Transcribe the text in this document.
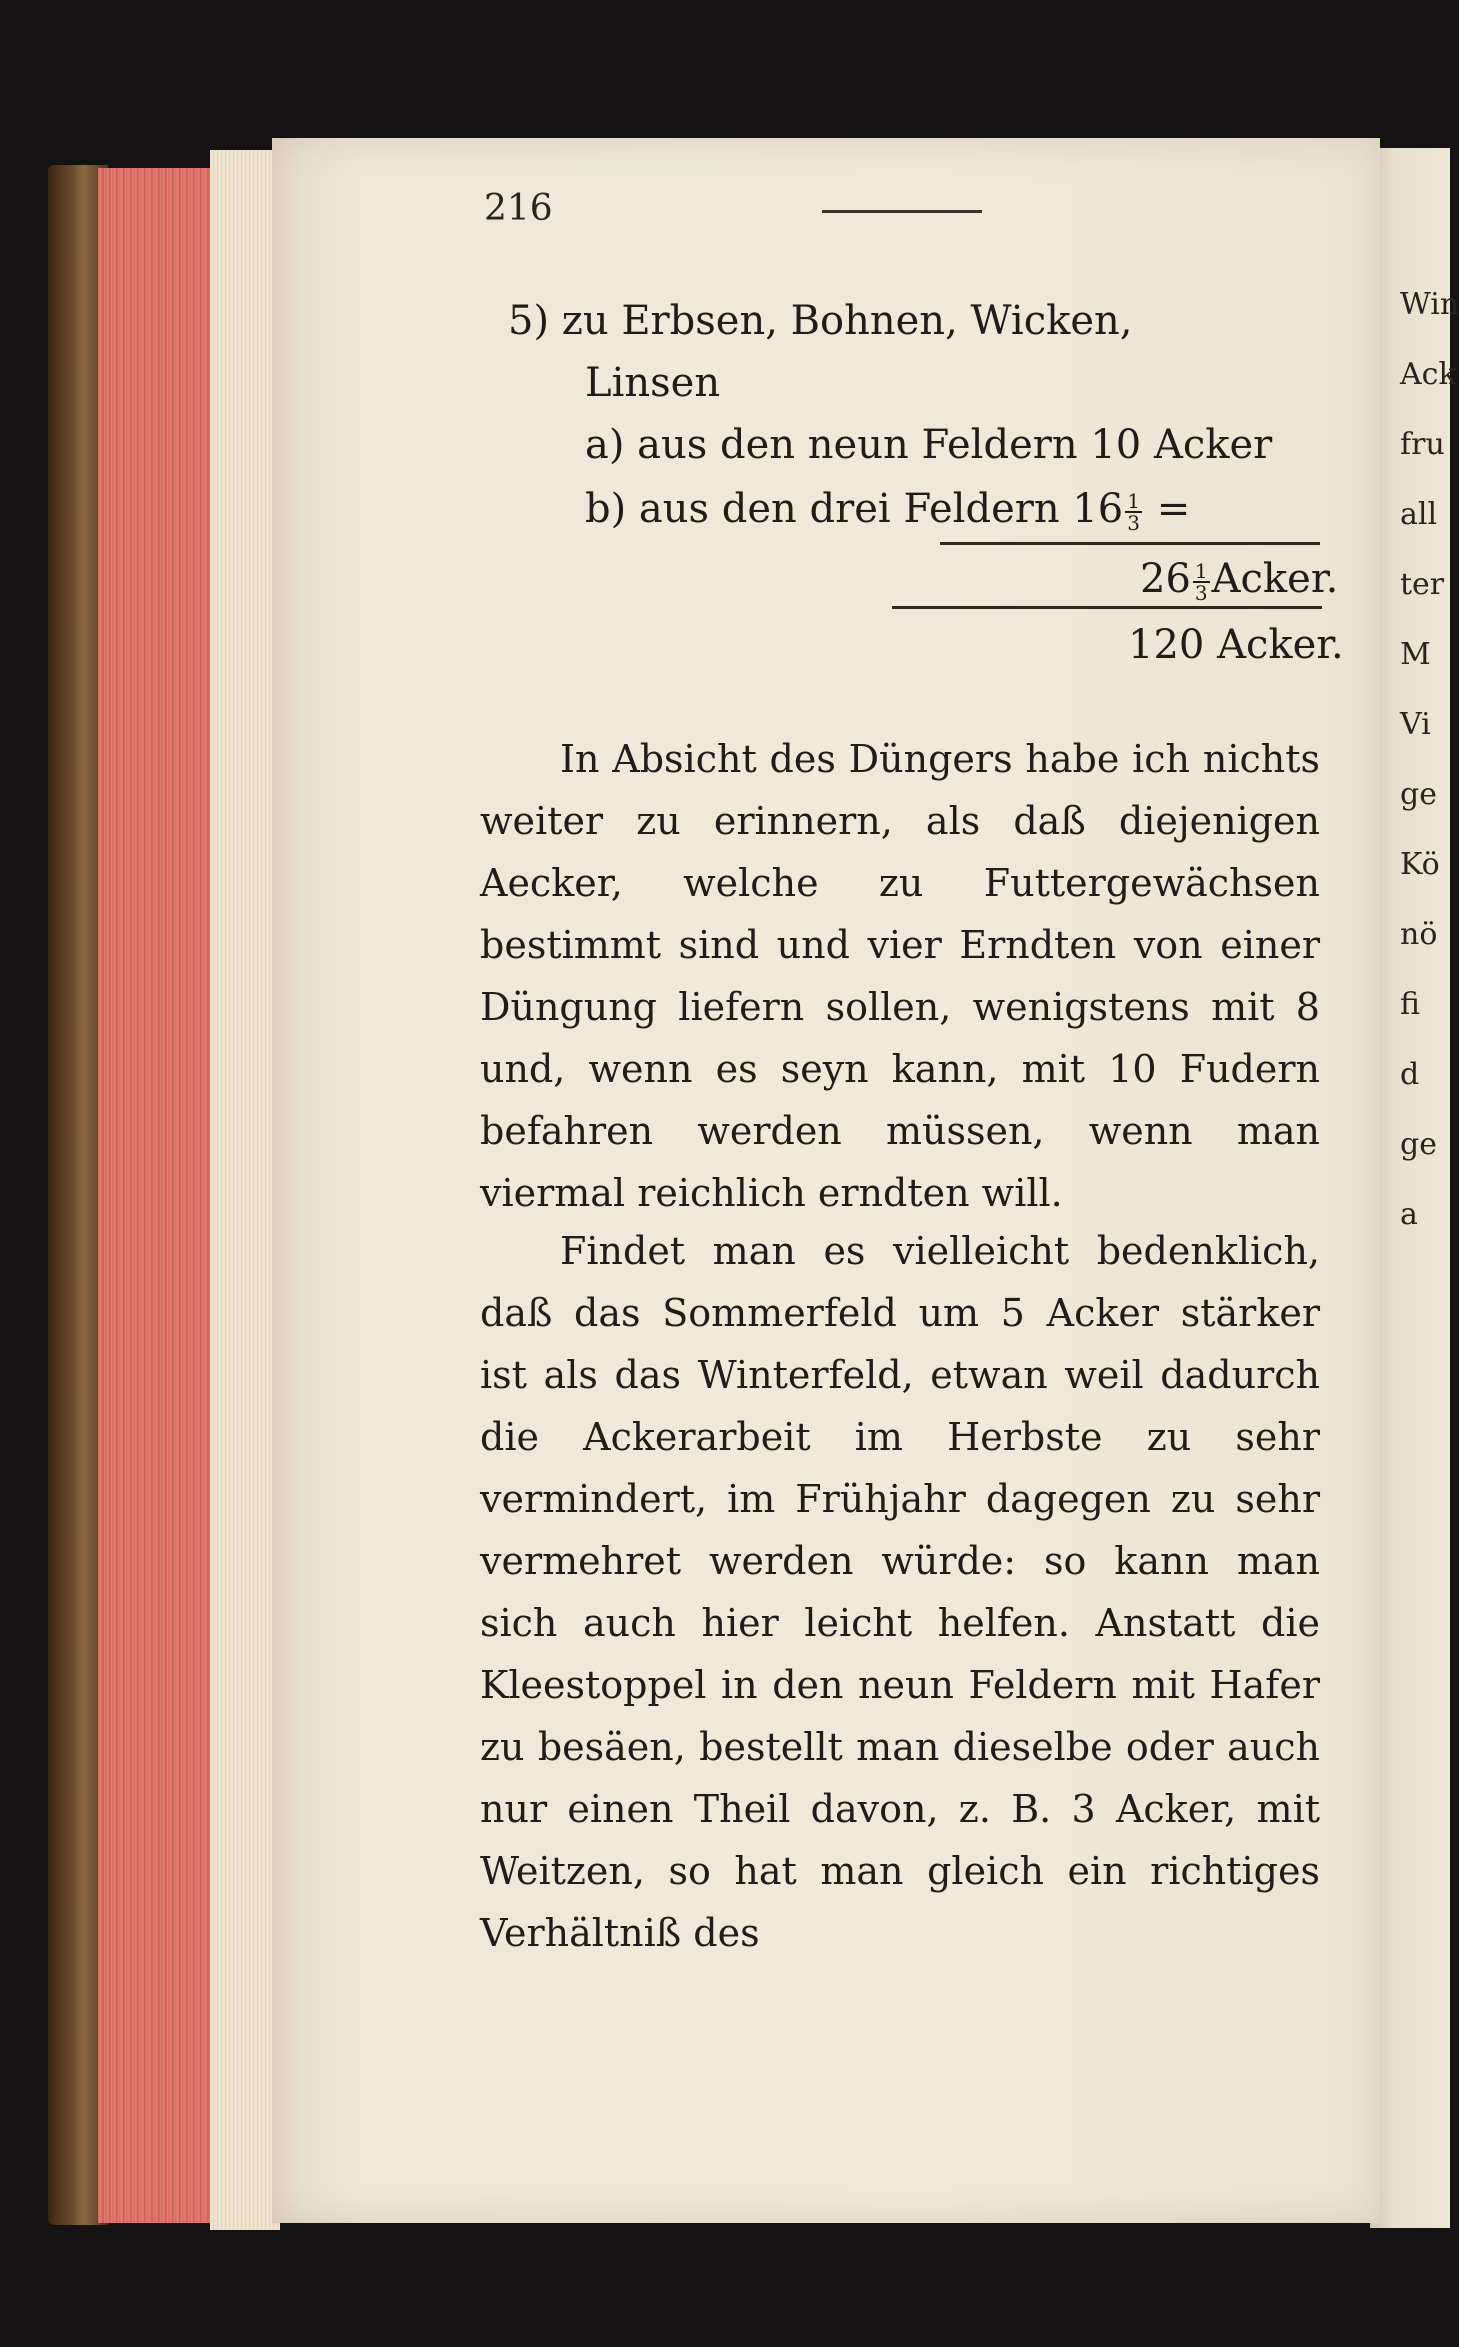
Win
Ack
fru
all
ter
M
Vi
ge
Kö
nö
fi
d
ge
a
216
5) zu Erbsen, Bohnen, Wicken,
Linsen
a) aus den neun Feldern 10 Acker
b) aus den drei Feldern $16 \frac{1}{3}$ =
$26 \frac{1}{3}$ Acker.
120 Acker.

In Absicht des Düngers habe ich nichts weiter zu erinnern, als daß diejenigen Aecker, welche zu Futtergewächsen bestimmt sind und vier Erndten von einer Düngung liefern sollen, wenigstens mit 8 und, wenn es seyn kann, mit 10 Fudern befahren werden müssen, wenn man viermal reichlich erndten will.

Findet man es vielleicht bedenklich, daß das Sommerfeld um 5 Acker stärker ist als das Winterfeld, etwan weil dadurch die Ackerarbeit im Herbste zu sehr vermindert, im Frühjahr dagegen zu sehr vermehret werden würde: so kann man sich auch hier leicht helfen. Anstatt die Kleestoppel in den neun Feldern mit Hafer zu besäen, bestellt man dieselbe oder auch nur einen Theil davon, z. B. 3 Acker, mit Weitzen, so hat man gleich ein richtiges Verhältniß des
